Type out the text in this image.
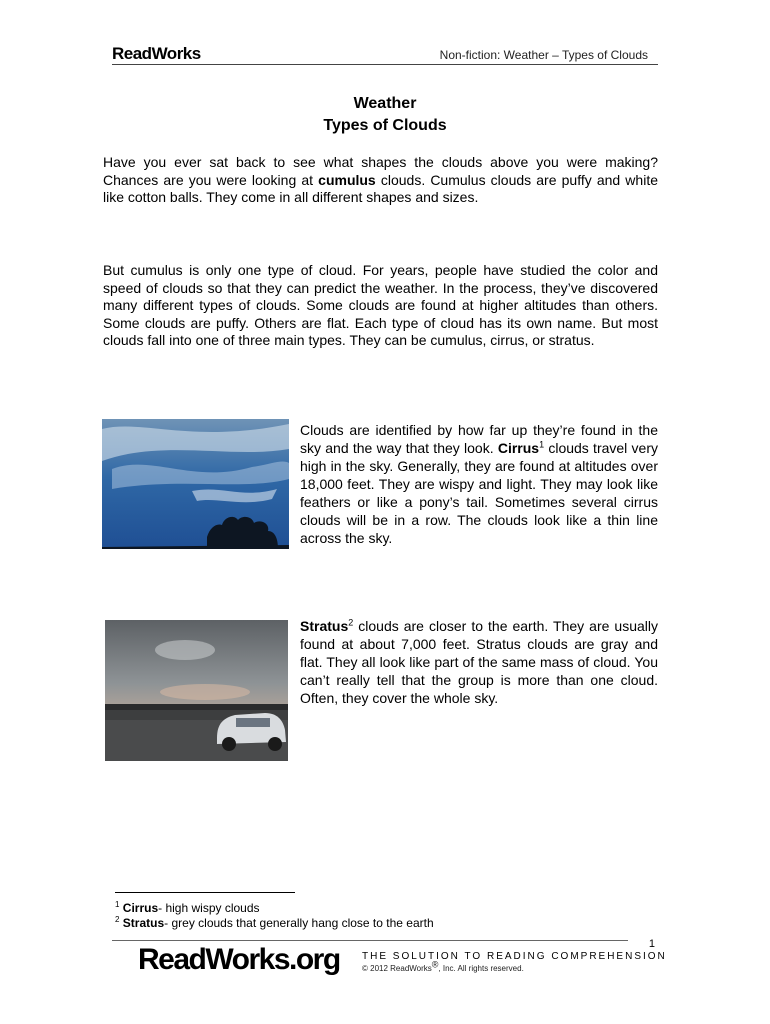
ReadWorks	Non-fiction: Weather – Types of Clouds
Weather
Types of Clouds
Have you ever sat back to see what shapes the clouds above you were making? Chances are you were looking at cumulus clouds. Cumulus clouds are puffy and white like cotton balls. They come in all different shapes and sizes.
But cumulus is only one type of cloud. For years, people have studied the color and speed of clouds so that they can predict the weather. In the process, they’ve discovered many different types of clouds. Some clouds are found at higher altitudes than others. Some clouds are puffy. Others are flat. Each type of cloud has its own name. But most clouds fall into one of three main types. They can be cumulus, cirrus, or stratus.
Clouds are identified by how far up they’re found in the sky and the way that they look. Cirrus$^1$ clouds travel very high in the sky. Generally, they are found at altitudes over 18,000 feet. They are wispy and light. They may look like feathers or like a pony’s tail. Sometimes several cirrus clouds will be in a row. The clouds look like a thin line across the sky.
Stratus$^2$ clouds are closer to the earth. They are usually found at about 7,000 feet. Stratus clouds are gray and flat. They all look like part of the same mass of cloud. You can’t really tell that the group is more than one cloud. Often, they cover the whole sky.
$^1$ Cirrus- high wispy clouds
$^2$ Stratus- grey clouds that generally hang close to the earth
1
ReadWorks.org THE SOLUTION TO READING COMPREHENSION
© 2012 ReadWorks®, Inc. All rights reserved.
